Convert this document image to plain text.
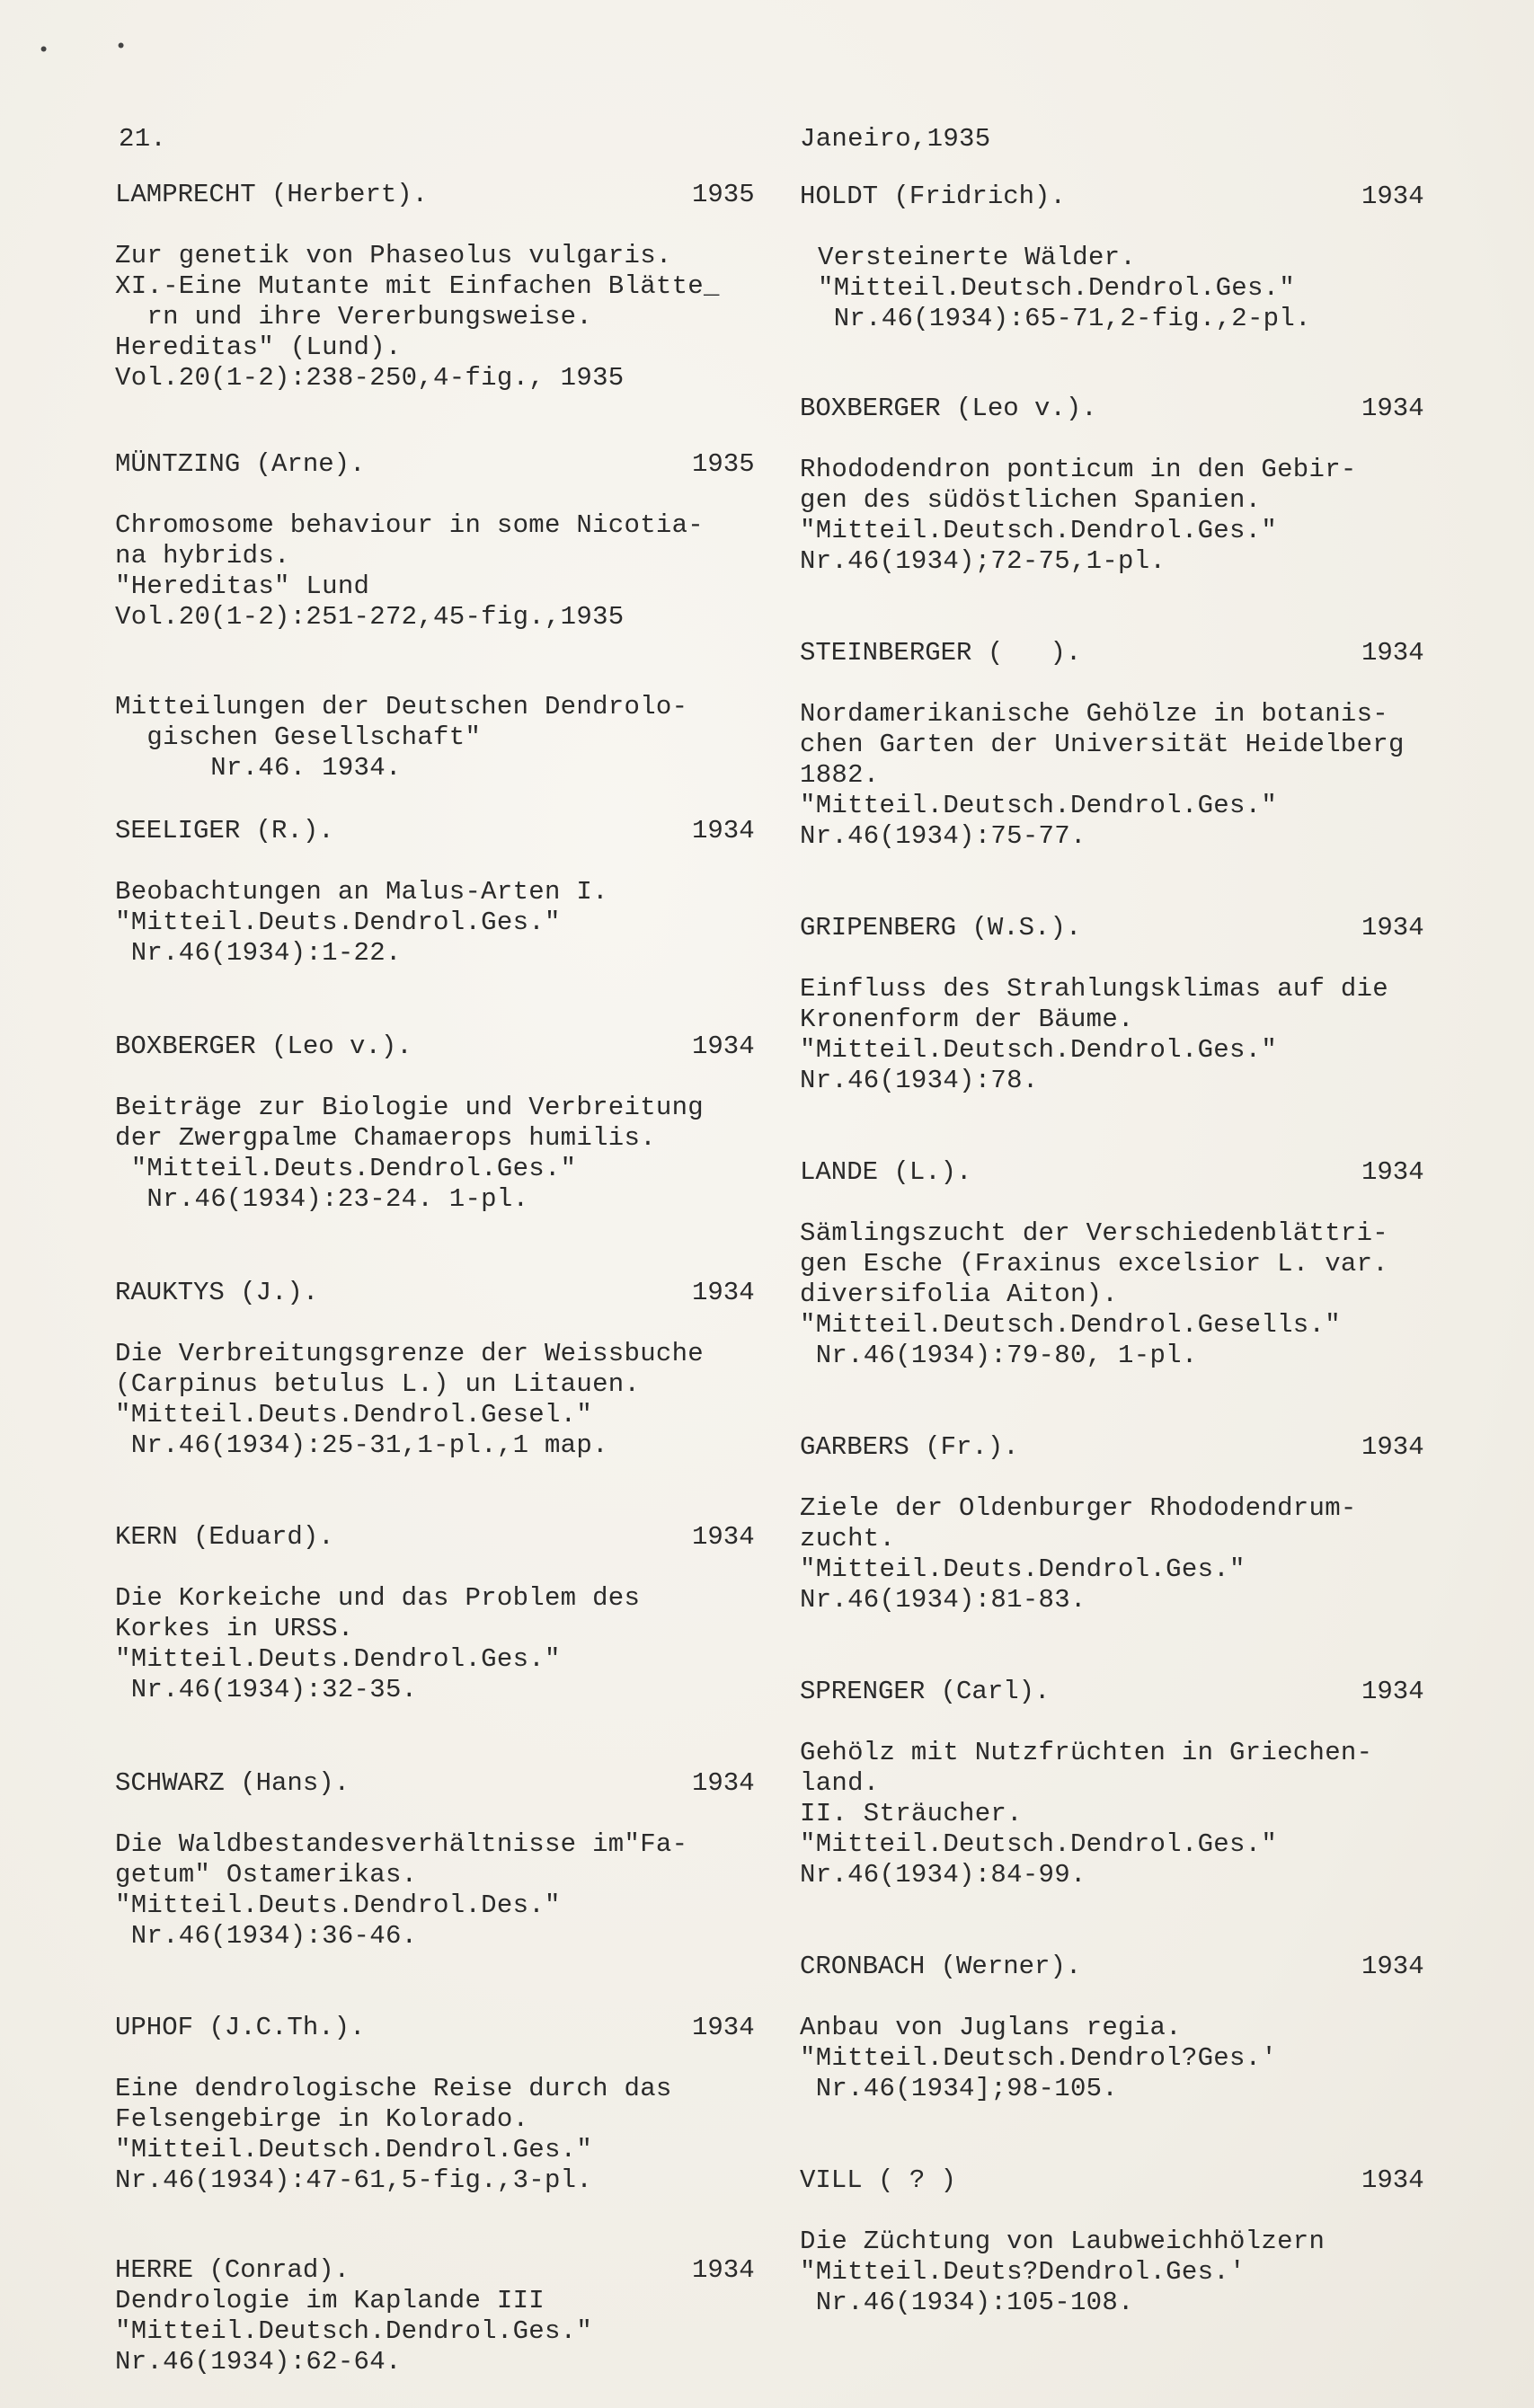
•	•
21.
LAMPRECHT (Herbert).	1935
Zur genetik von Phaseolus vulgaris.
XI.-Eine Mutante mit Einfachen Blätte_
rn und ihre Vererbungsweise.
Hereditas" (Lund).
Vol.20(1-2):238-250,4-fig., 1935
MÜNTZING (Arne).	1935
Chromosome behaviour in some Nicotia-
na hybrids.
"Hereditas" Lund
Vol.20(1-2):251-272,45-fig.,1935
Mitteilungen der Deutschen Dendrolo-
gischen Gesellschaft"
Nr.46. 1934.
SEELIGER (R.).	1934
Beobachtungen an Malus-Arten I.
"Mitteil.Deuts.Dendrol.Ges."
Nr.46(1934):1-22.
BOXBERGER (Leo v.).	1934
Beiträge zur Biologie und Verbreitung
der Zwergpalme Chamaerops humilis.
"Mitteil.Deuts.Dendrol.Ges."
Nr.46(1934):23-24. 1-pl.
RAUKTYS (J.).	1934
Die Verbreitungsgrenze der Weissbuche
(Carpinus betulus L.) un Litauen.
"Mitteil.Deuts.Dendrol.Gesel."
Nr.46(1934):25-31,1-pl.,1 map.
KERN (Eduard).	1934
Die Korkeiche und das Problem des
Korkes in URSS.
"Mitteil.Deuts.Dendrol.Ges."
Nr.46(1934):32-35.
SCHWARZ (Hans).	1934
Die Waldbestandesverhältnisse im"Fa-
getum" Ostamerikas.
"Mitteil.Deuts.Dendrol.Des."
Nr.46(1934):36-46.
UPHOF (J.C.Th.).	1934
Eine dendrologische Reise durch das
Felsengebirge in Kolorado.
"Mitteil.Deutsch.Dendrol.Ges."
Nr.46(1934):47-61,5-fig.,3-pl.
HERRE (Conrad).	1934
Dendrologie im Kaplande III
"Mitteil.Deutsch.Dendrol.Ges."
Nr.46(1934):62-64.
Janeiro,1935
HOLDT (Fridrich).	1934
Versteinerte Wälder.
"Mitteil.Deutsch.Dendrol.Ges."
Nr.46(1934):65-71,2-fig.,2-pl.
BOXBERGER (Leo v.).	1934
Rhododendron ponticum in den Gebir-
gen des südöstlichen Spanien.
"Mitteil.Deutsch.Dendrol.Ges."
Nr.46(1934);72-75,1-pl.
STEINBERGER (   ).	1934
Nordamerikanische Gehölze in botanis-
chen Garten der Universität Heidelberg
1882.
"Mitteil.Deutsch.Dendrol.Ges."
Nr.46(1934):75-77.
GRIPENBERG (W.S.).	1934
Einfluss des Strahlungsklimas auf die
Kronenform der Bäume.
"Mitteil.Deutsch.Dendrol.Ges."
Nr.46(1934):78.
LANDE (L.).	1934
Sämlingszucht der Verschiedenblättri-
gen Esche (Fraxinus excelsior L. var.
diversifolia Aiton).
"Mitteil.Deutsch.Dendrol.Gesells."
Nr.46(1934):79-80, 1-pl.
GARBERS (Fr.).	1934
Ziele der Oldenburger Rhododendrum-
zucht.
"Mitteil.Deuts.Dendrol.Ges."
Nr.46(1934):81-83.
SPRENGER (Carl).	1934
Gehölz mit Nutzfrüchten in Griechen-
land.
II. Sträucher.
"Mitteil.Deutsch.Dendrol.Ges."
Nr.46(1934):84-99.
CRONBACH (Werner).	1934
Anbau von Juglans regia.
"Mitteil.Deutsch.Dendrol?Ges.'
Nr.46(1934];98-105.
VILL ( ? )	1934
Die Züchtung von Laubweichhölzern
"Mitteil.Deuts?Dendrol.Ges.'
Nr.46(1934):105-108.
